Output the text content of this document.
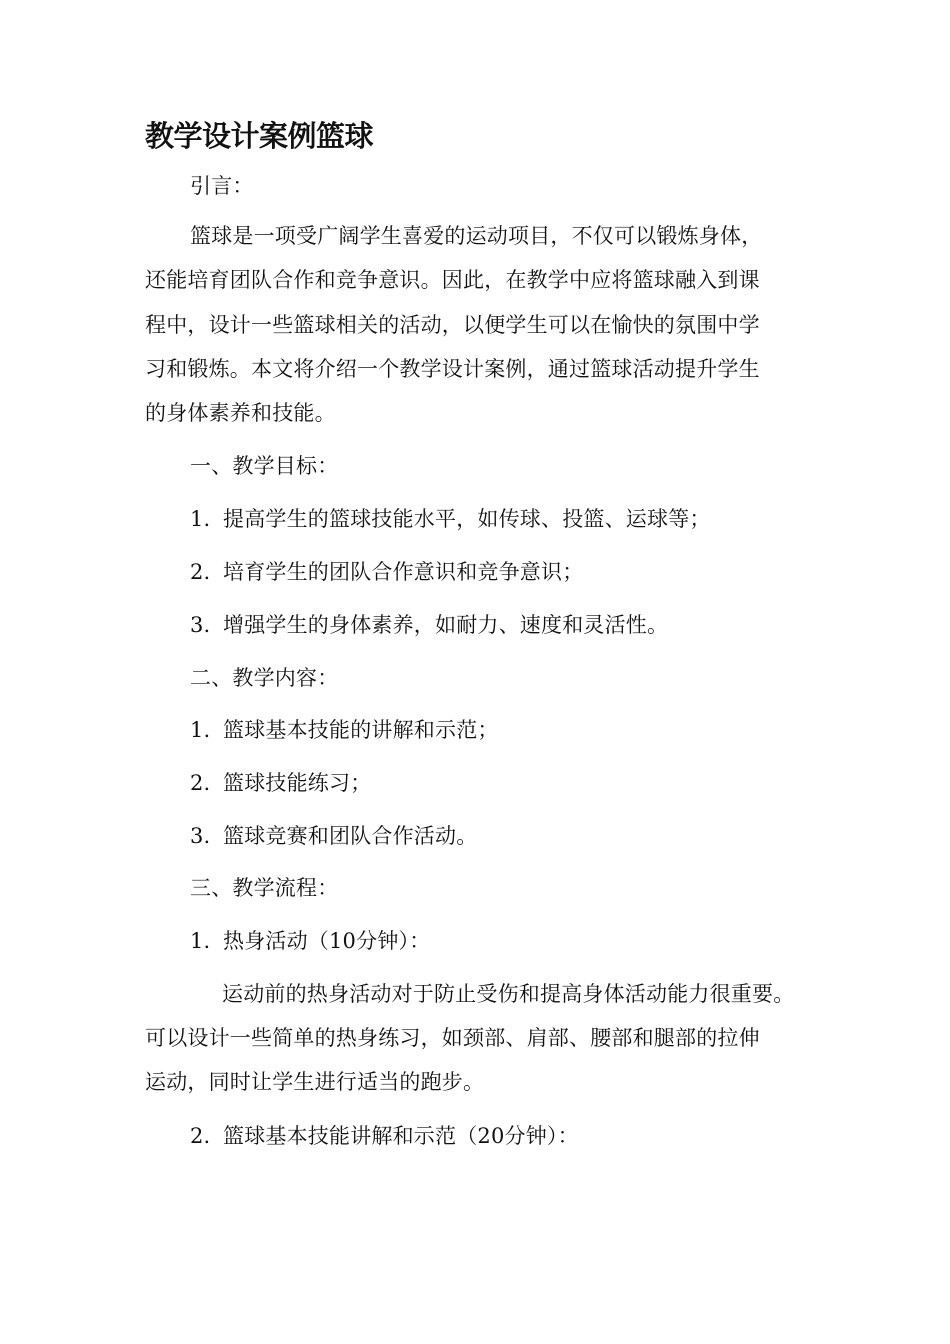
教学设计案例篮球
引言：
篮球是一项受广阔学生喜爱的运动项目，不仅可以锻炼身体，
还能培育团队合作和竞争意识。因此，在教学中应将篮球融入到课
程中，设计一些篮球相关的活动，以便学生可以在愉快的氛围中学
习和锻炼。本文将介绍一个教学设计案例，通过篮球活动提升学生
的身体素养和技能。
一、教学目标：
1. 提高学生的篮球技能水平，如传球、投篮、运球等；
2. 培育学生的团队合作意识和竞争意识；
3. 增强学生的身体素养，如耐力、速度和灵活性。
二、教学内容：
1. 篮球基本技能的讲解和示范；
2. 篮球技能练习；
3. 篮球竞赛和团队合作活动。
三、教学流程：
1. 热身活动（10分钟）：
运动前的热身活动对于防止受伤和提高身体活动能力很重要。
可以设计一些简单的热身练习，如颈部、肩部、腰部和腿部的拉伸
运动，同时让学生进行适当的跑步。
2. 篮球基本技能讲解和示范（20分钟）：
